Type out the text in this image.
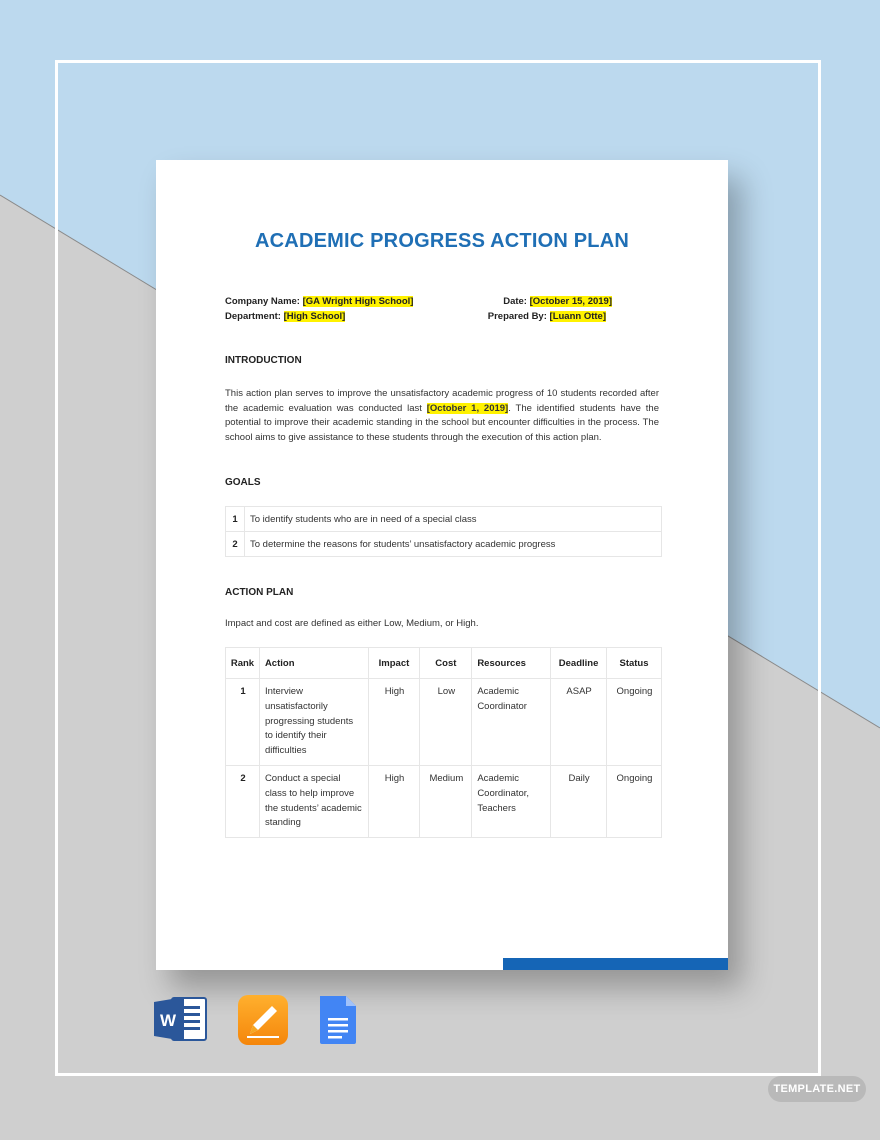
ACADEMIC PROGRESS ACTION PLAN
Company Name: [GA Wright High School]
Department: [High School]
Date: [October 15, 2019]
Prepared By: [Luann Otte]
INTRODUCTION
This action plan serves to improve the unsatisfactory academic progress of 10 students recorded after the academic evaluation was conducted last [October 1, 2019]. The identified students have the potential to improve their academic standing in the school but encounter difficulties in the process. The school aims to give assistance to these students through the execution of this action plan.
GOALS
1	To identify students who are in need of a special class
2	To determine the reasons for students’ unsatisfactory academic progress
ACTION PLAN
Impact and cost are defined as either Low, Medium, or High.
Rank	Action	Impact	Cost	Resources	Deadline	Status
1	Interview unsatisfactorily progressing students to identify their difficulties	High	Low	Academic Coordinator	ASAP	Ongoing
2	Conduct a special class to help improve the students’ academic standing	High	Medium	Academic Coordinator, Teachers	Daily	Ongoing
W
TEMPLATE.NET
